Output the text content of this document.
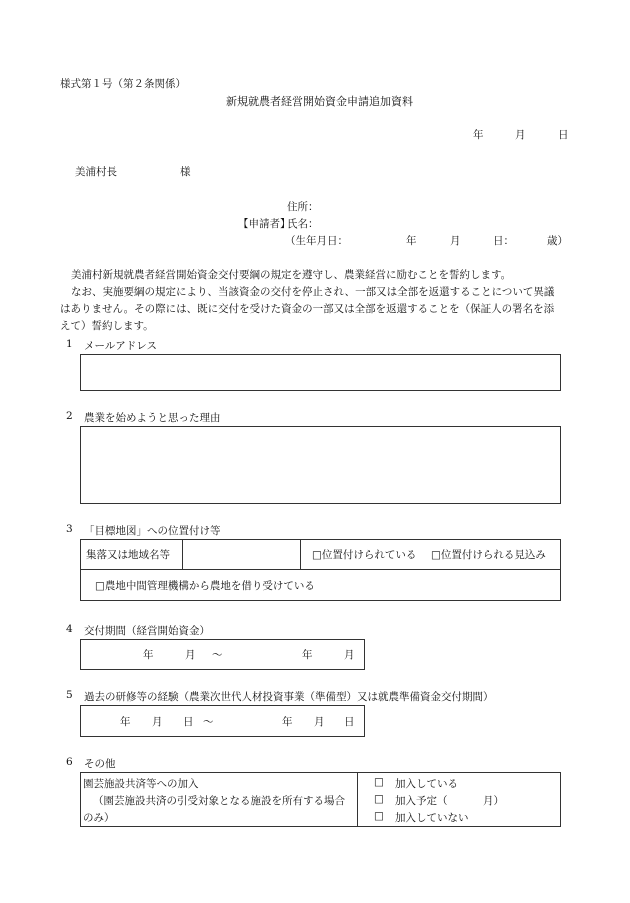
様式第１号（第２条関係）
新規就農者経営開始資金申請追加資料
年	月	日
美浦村長	様
住所：
【申請者】
氏名：
（生年月日：	年	月	日：	歳）
美浦村新規就農者経営開始資金交付要綱の規定を遵守し、農業経営に励むことを誓約します。
なお、実施要綱の規定により、当該資金の交付を停止され、一部又は全部を返還することについて異議
はありません。その際には、既に交付を受けた資金の一部又は全部を返還することを（保証人の署名を添
えて）誓約します。
1 メールアドレス
2 農業を始めようと思った理由
3 「目標地図」への位置付け等
集落又は地域名等	□位置付けられている □位置付けられる見込み
□農地中間管理機構から農地を借り受けている
4 交付期間（経営開始資金）
年	月 ～	年	月
5 過去の研修等の経験（農業次世代人材投資事業（準備型）又は就農準備資金交付期間）
年 月 日 ～	年 月 日
6 その他
園芸施設共済等への加入
（園芸施設共済の引受対象となる施設を所有する場合
のみ）
□ 加入している
□ 加入予定（	月）
□ 加入していない
